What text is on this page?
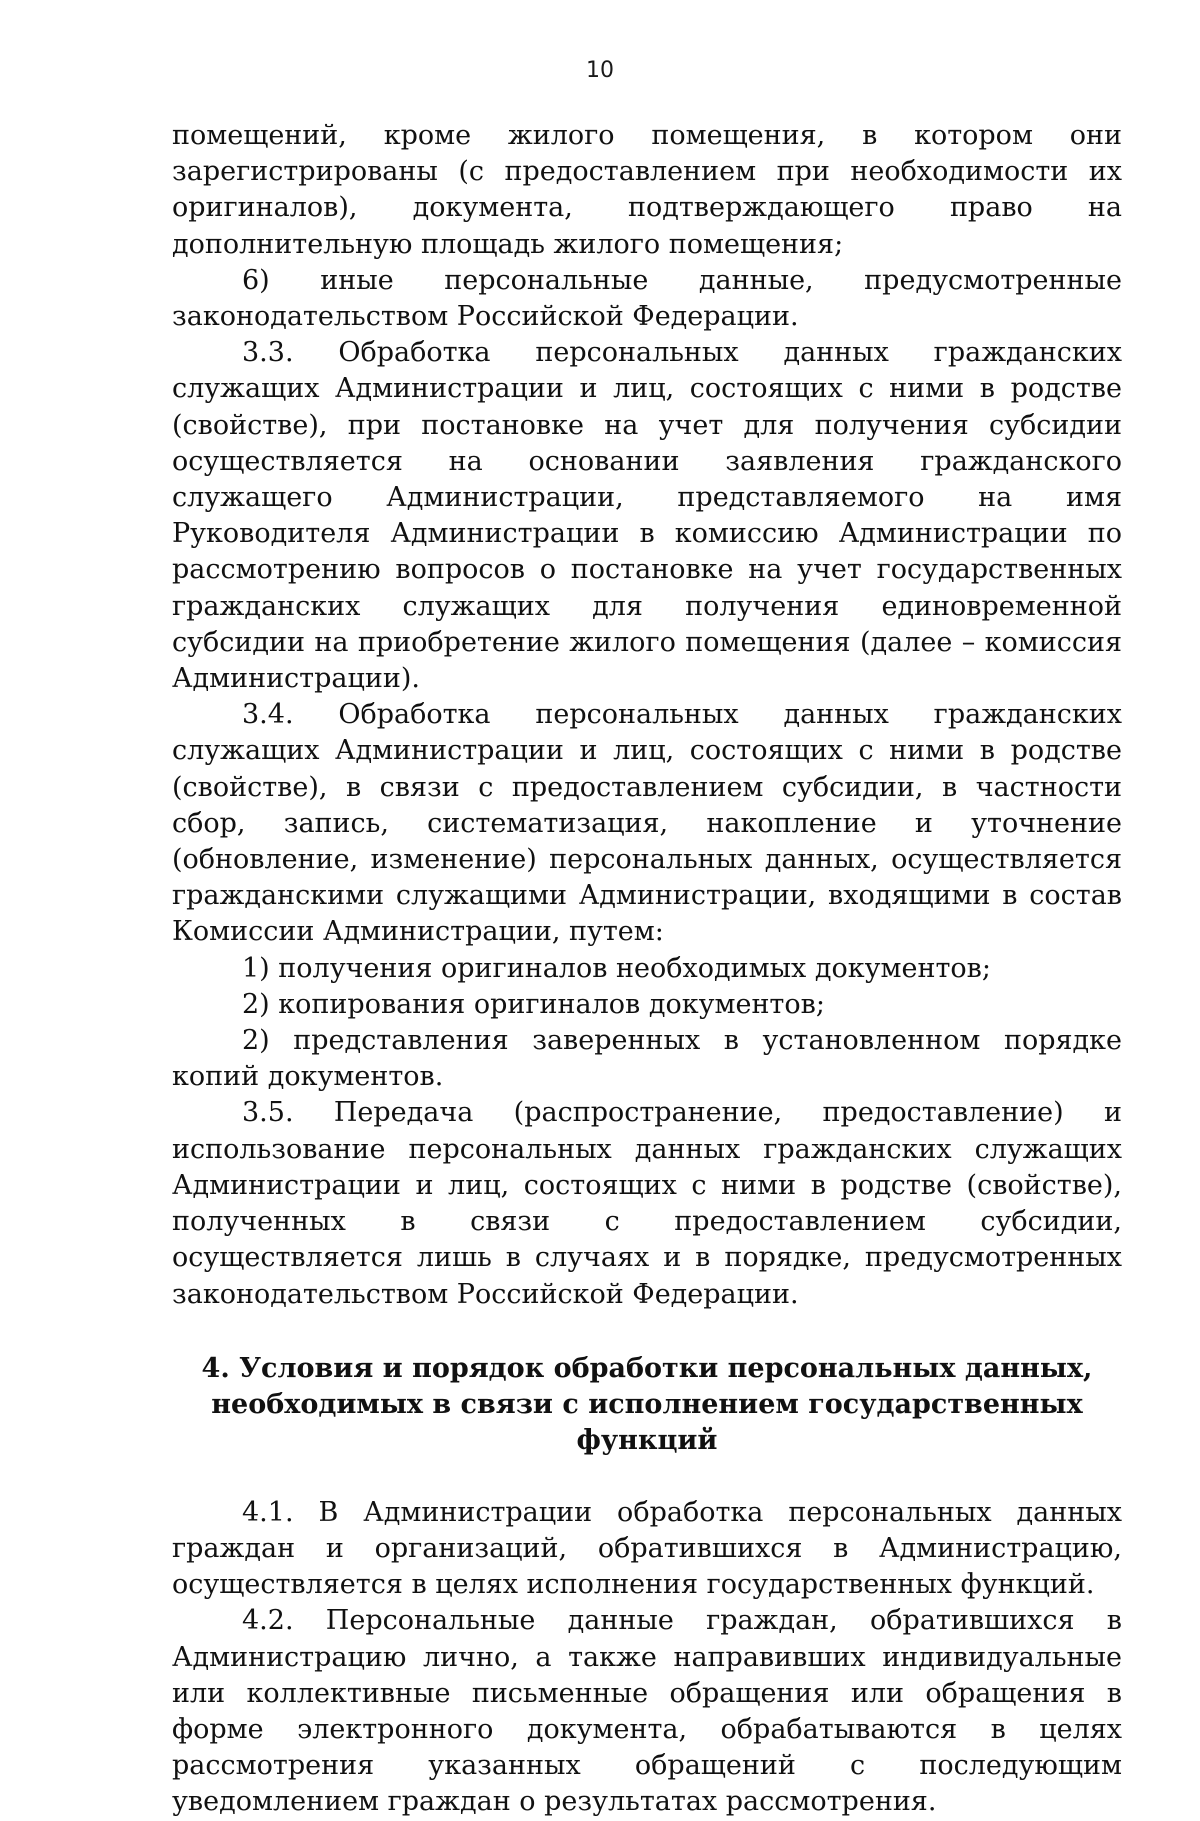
10

помещений, кроме жилого помещения, в котором они зарегистрированы (с предоставлением при необходимости их оригиналов), документа, подтверждающего право на дополнительную площадь жилого помещения;

6) иные персональные данные, предусмотренные законодательством Российской Федерации.

3.3. Обработка персональных данных гражданских служащих Администрации и лиц, состоящих с ними в родстве (свойстве), при постановке на учет для получения субсидии осуществляется на основании заявления гражданского служащего Администрации, представляемого на имя Руководителя Администрации в комиссию Администрации по рассмотрению вопросов о постановке на учет государственных гражданских служащих для получения единовременной субсидии на приобретение жилого помещения (далее – комиссия Администрации).

3.4. Обработка персональных данных гражданских служащих Администрации и лиц, состоящих с ними в родстве (свойстве), в связи с предоставлением субсидии, в частности сбор, запись, систематизация, накопление и уточнение (обновление, изменение) персональных данных, осуществляется гражданскими служащими Администрации, входящими в состав Комиссии Администрации, путем:

1) получения оригиналов необходимых документов;

2) копирования оригиналов документов;

2) представления заверенных в установленном порядке копий документов.

3.5. Передача (распространение, предоставление) и использование персональных данных гражданских служащих Администрации и лиц, состоящих с ними в родстве (свойстве), полученных в связи с предоставлением субсидии, осуществляется лишь в случаях и в порядке, предусмотренных законодательством Российской Федерации.

4. Условия и порядок обработки персональных данных,
необходимых в связи с исполнением государственных функций

4.1. В Администрации обработка персональных данных граждан и организаций, обратившихся в Администрацию, осуществляется в целях исполнения государственных функций.

4.2. Персональные данные граждан, обратившихся в Администрацию лично, а также направивших индивидуальные или коллективные письменные обращения или обращения в форме электронного документа, обрабатываются в целях рассмотрения указанных обращений с последующим уведомлением граждан о результатах рассмотрения.
